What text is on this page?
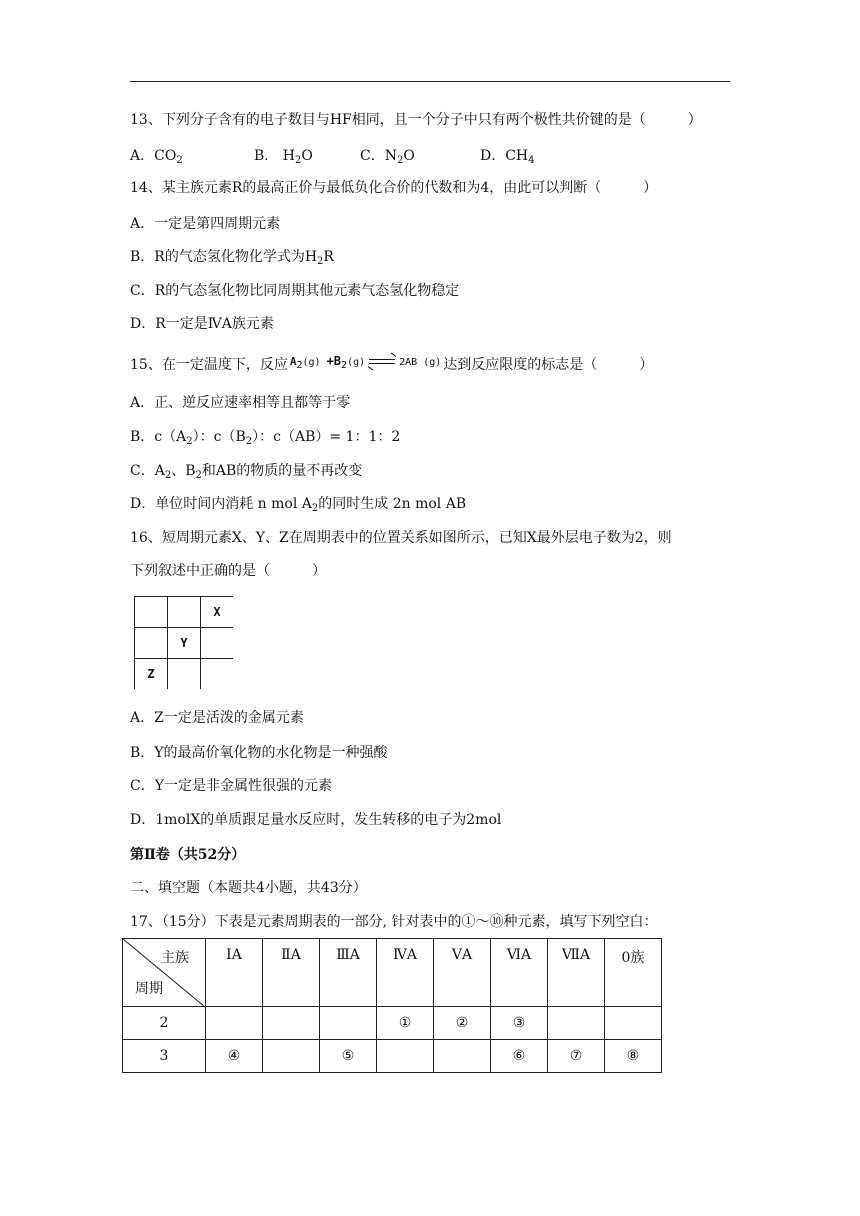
13、下列分子含有的电子数目与HF相同，且一个分子中只有两个极性共价键的是（　　　）
A．$CO_2$	B． $H_2O$	C．$N_2O$	D．$CH_4$
14、某主族元素R的最高正价与最低负化合价的代数和为4，由此可以判断（　　　）
A．一定是第四周期元素
B．R的气态氢化物化学式为$H_2R$
C．R的气态氢化物比同周期其他元素气态氢化物稳定
D．R一定是ⅣA族元素
15、在一定温度下，反应 $A_2(g) +B_2(g)$	2AB (g) 达到反应限度的标志是（　　　）
A．正、逆反应速率相等且都等于零
B．$c(A_2)$：$c(B_2)$：c（AB）= 1：1：2
C．$A_2$、$B_2$和AB的物质的量不再改变
D．单位时间内消耗 n mol $A_2$的同时生成 2n mol AB
16、短周期元素X、Y、Z在周期表中的位置关系如图所示，已知X最外层电子数为2，则
下列叙述中正确的是（　　　）
		X
	Y	
Z		
A．Z一定是活泼的金属元素
B．Y的最高价氧化物的水化物是一种强酸
C．Y一定是非金属性很强的元素
D．1molX的单质跟足量水反应时，发生转移的电子为2mol
第Ⅱ卷（共52分）
二、填空题（本题共4小题，共43分）
17、（15分）下表是元素周期表的一部分, 针对表中的①～⑩种元素，填写下列空白：
主族
周期	ⅠA	ⅡA	ⅢA	ⅣA	ⅤA	ⅥA	ⅦA	0族
2				①	②	③		
3	④		⑤			⑥	⑦	⑧
